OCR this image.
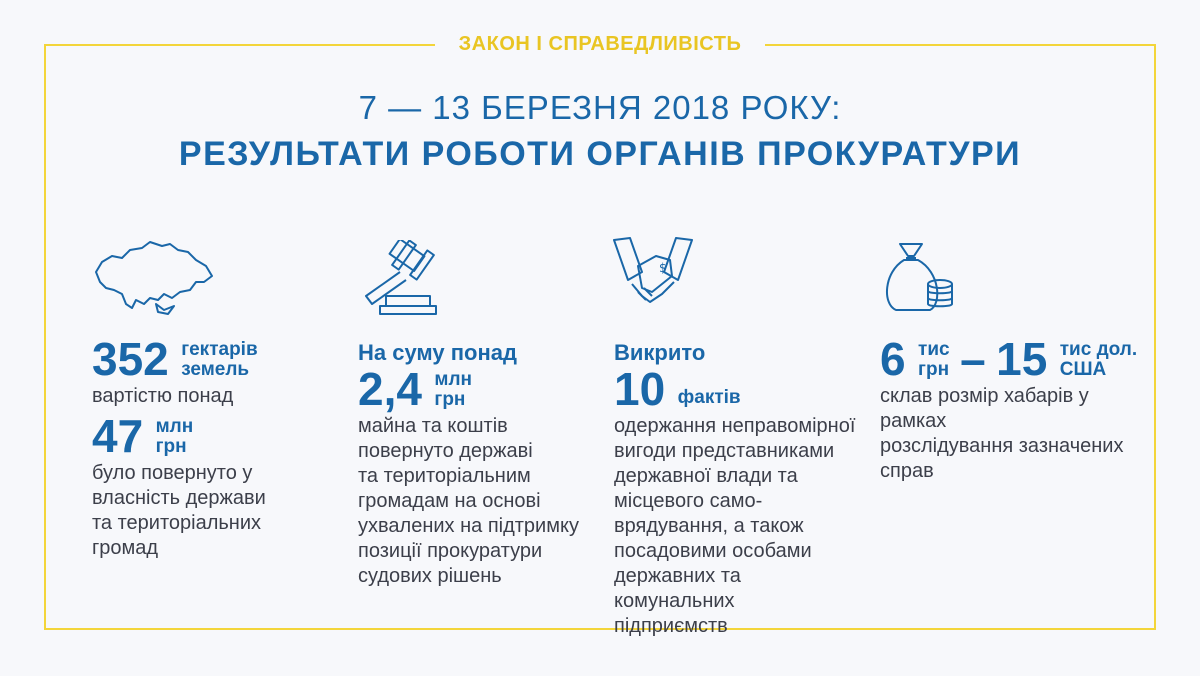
ЗАКОН І СПРАВЕДЛИВІСТЬ
7 — 13 БЕРЕЗНЯ 2018 РОКУ:
РЕЗУЛЬТАТИ РОБОТИ ОРГАНІВ ПРОКУРАТУРИ
$
352 гектарів
земель
вартістю понад
47 млн
грн
було повернуто у
власність держави
та територіальних
громад
На суму понад
2,4 млн
грн
майна та коштів
повернуто державі
та територіальним
громадам на основі
ухвалених на підтримку
позиції прокуратури
судових рішень
Викрито
10 фактів
одержання неправомірної
вигоди представниками
державної влади та
місцевого само-
врядування, а також
посадовими особами
державних та комунальних
підприємств
6 тис
грн – 15 тис дол.
США
склав розмір хабарів у рамках
розслідування зазначених
справ
